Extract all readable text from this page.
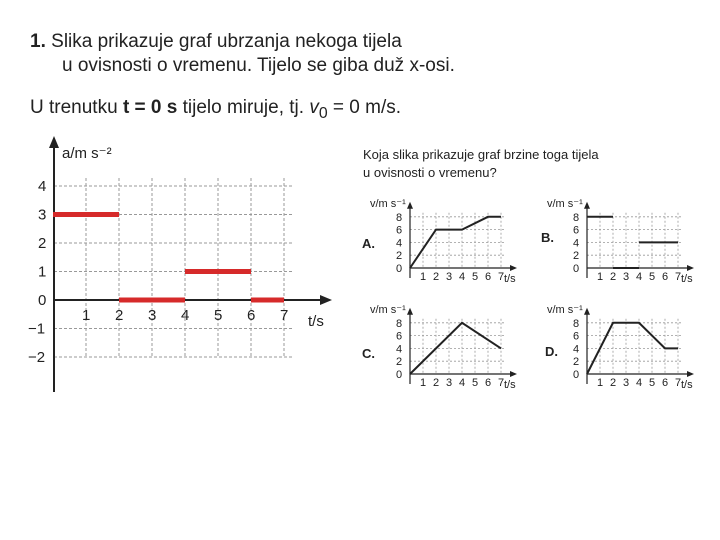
1. Slika prikazuje graf ubrzanja nekoga tijela
u ovisnosti o vremenu. Tijelo se giba duž x-osi.
U trenutku t = 0 s tijelo miruje, tj. $v_0 = 0$ m/s.
Koja slika prikazuje graf brzine toga tijela
u ovisnosti o vremenu?
a/m s⁻²
t/s
1 2 3 4 5 6 7
4
3
2
1
0
−1
−2
v/m s⁻¹
t/s
1 2 3 4 5 6 7
8
6
4
2
0
A.
v/m s⁻¹
t/s
1 2 3 4 5 6 7
8
6
4
2
0
B.
v/m s⁻¹
t/s
1 2 3 4 5 6 7
8
6
4
2
0
C.
v/m s⁻¹
t/s
1 2 3 4 5 6 7
8
6
4
2
0
D.
